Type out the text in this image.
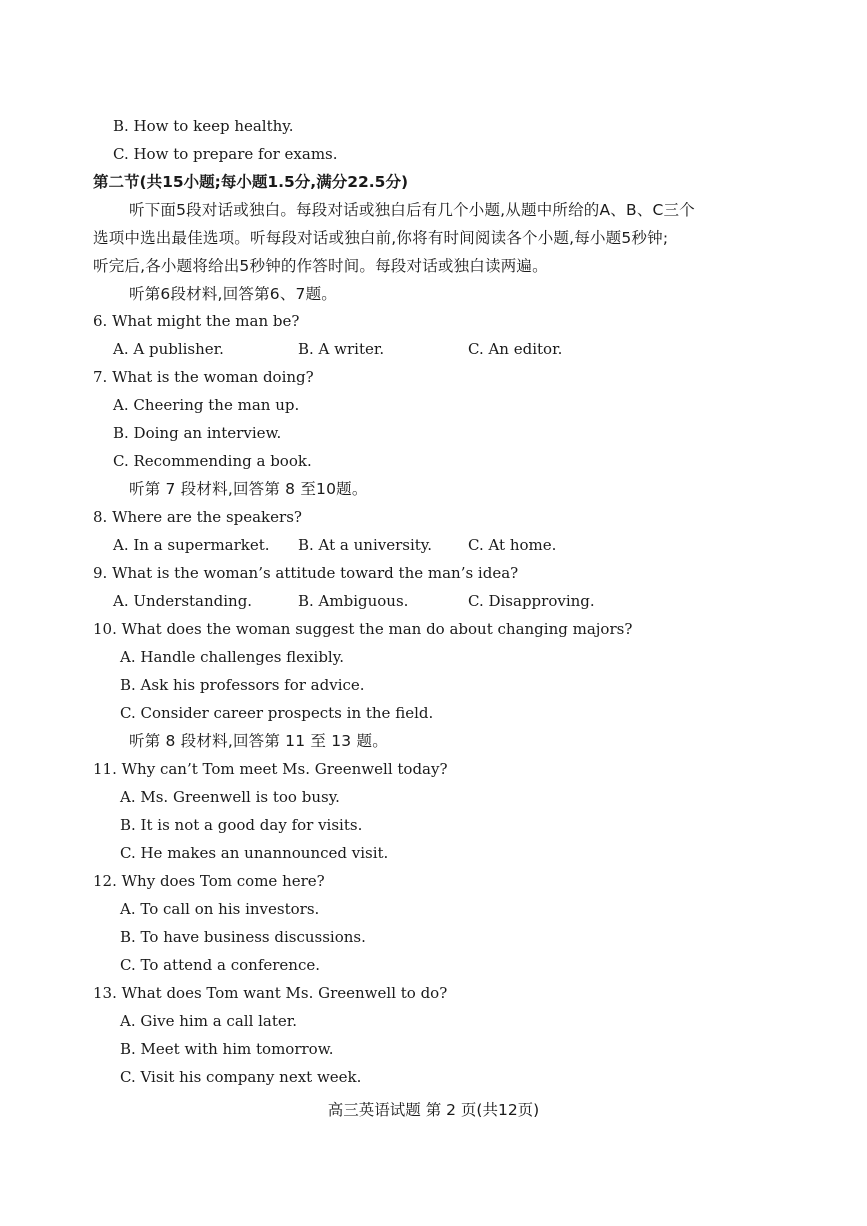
B. How to keep healthy.
C. How to prepare for exams.
第二节(共15小题;每小题1.5分,满分22.5分)
听下面5段对话或独白。每段对话或独白后有几个小题,从题中所给的A、B、C三个
选项中选出最佳选项。听每段对话或独白前,你将有时间阅读各个小题,每小题5秒钟;
听完后,各小题将给出5秒钟的作答时间。每段对话或独白读两遍。
听第6段材料,回答第6、7题。
6. What might the man be?
A. A publisher.	B. A writer.	C. An editor.
7. What is the woman doing?
A. Cheering the man up.
B. Doing an interview.
C. Recommending a book.
听第 7 段材料,回答第 8 至10题。
8. Where are the speakers?
A. In a supermarket. B. At a university. C. At home.
9. What is the woman’s attitude toward the man’s idea?
A. Understanding.	B. Ambiguous.	C. Disapproving.
10. What does the woman suggest the man do about changing majors?
A. Handle challenges flexibly.
B. Ask his professors for advice.
C. Consider career prospects in the field.
听第 8 段材料,回答第 11 至 13 题。
11. Why can’t Tom meet Ms. Greenwell today?
A. Ms. Greenwell is too busy.
B. It is not a good day for visits.
C. He makes an unannounced visit.
12. Why does Tom come here?
A. To call on his investors.
B. To have business discussions.
C. To attend a conference.
13. What does Tom want Ms. Greenwell to do?
A. Give him a call later.
B. Meet with him tomorrow.
C. Visit his company next week.
高三英语试题 第 2 页(共12页)
